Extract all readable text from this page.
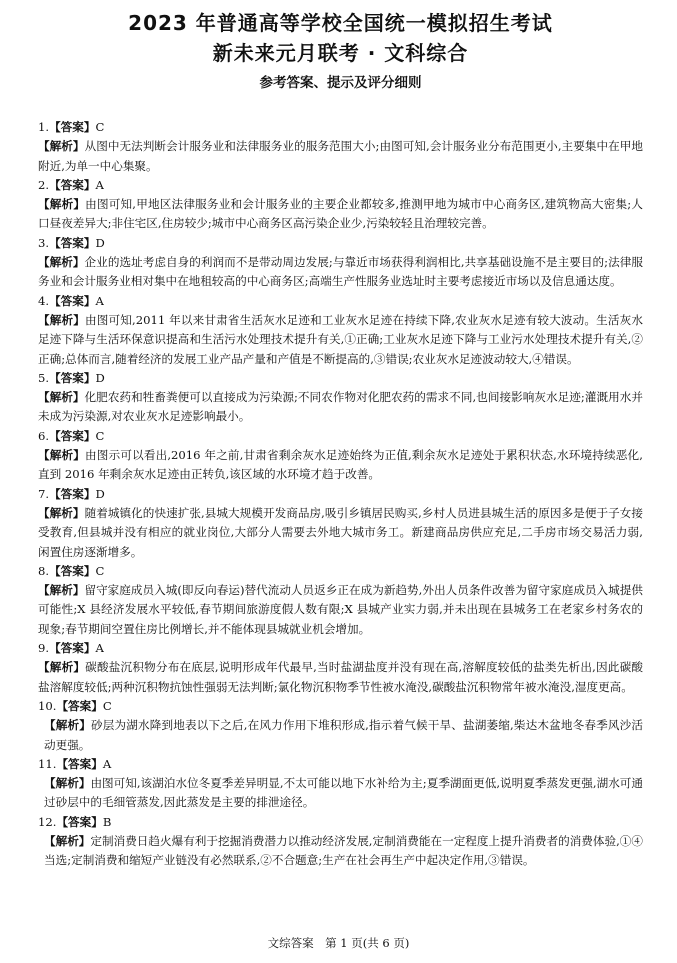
2023 年普通高等学校全国统一模拟招生考试
新未来元月联考 · 文科综合
参考答案、提示及评分细则
1.【答案】C
【解析】从图中无法判断会计服务业和法律服务业的服务范围大小;由图可知,会计服务业分布范围更小,主要集中在甲地附近,为单一中心集聚。
2.【答案】A
【解析】由图可知,甲地区法律服务业和会计服务业的主要企业都较多,推测甲地为城市中心商务区,建筑物高大密集;人口昼夜差异大;非住宅区,住房较少;城市中心商务区高污染企业少,污染较轻且治理较完善。
3.【答案】D
【解析】企业的选址考虑自身的利润而不是带动周边发展;与靠近市场获得利润相比,共享基础设施不是主要目的;法律服务业和会计服务业相对集中在地租较高的中心商务区;高端生产性服务业选址时主要考虑接近市场以及信息通达度。
4.【答案】A
【解析】由图可知,2011 年以来甘肃省生活灰水足迹和工业灰水足迹在持续下降,农业灰水足迹有较大波动。生活灰水足迹下降与生活环保意识提高和生活污水处理技术提升有关,①正确;工业灰水足迹下降与工业污水处理技术提升有关,②正确;总体而言,随着经济的发展工业产品产量和产值是不断提高的,③错误;农业灰水足迹波动较大,④错误。
5.【答案】D
【解析】化肥农药和牲畜粪便可以直接成为污染源;不同农作物对化肥农药的需求不同,也间接影响灰水足迹;灌溉用水并未成为污染源,对农业灰水足迹影响最小。
6.【答案】C
【解析】由图示可以看出,2016 年之前,甘肃省剩余灰水足迹始终为正值,剩余灰水足迹处于累积状态,水环境持续恶化,直到 2016 年剩余灰水足迹由正转负,该区域的水环境才趋于改善。
7.【答案】D
【解析】随着城镇化的快速扩张,县城大规模开发商品房,吸引乡镇居民购买,乡村人员进县城生活的原因多是便于子女接受教育,但县城并没有相应的就业岗位,大部分人需要去外地大城市务工。新建商品房供应充足,二手房市场交易活力弱,闲置住房逐渐增多。
8.【答案】C
【解析】留守家庭成员入城(即反向春运)替代流动人员返乡正在成为新趋势,外出人员条件改善为留守家庭成员入城提供可能性;X 县经济发展水平较低,春节期间旅游度假人数有限;X 县城产业实力弱,并未出现在县城务工在老家乡村务农的现象;春节期间空置住房比例增长,并不能体现县城就业机会增加。
9.【答案】A
【解析】碳酸盐沉积物分布在底层,说明形成年代最早,当时盐湖盐度并没有现在高,溶解度较低的盐类先析出,因此碳酸盐溶解度较低;两种沉积物抗蚀性强弱无法判断;氯化物沉积物季节性被水淹没,碳酸盐沉积物常年被水淹没,湿度更高。
10.【答案】C
【解析】砂层为湖水降到地表以下之后,在风力作用下堆积形成,指示着气候干旱、盐湖萎缩,柴达木盆地冬春季风沙活动更强。
11.【答案】A
【解析】由图可知,该湖泊水位冬夏季差异明显,不太可能以地下水补给为主;夏季湖面更低,说明夏季蒸发更强,湖水可通过砂层中的毛细管蒸发,因此蒸发是主要的排泄途径。
12.【答案】B
【解析】定制消费日趋火爆有利于挖掘消费潜力以推动经济发展,定制消费能在一定程度上提升消费者的消费体验,①④当选;定制消费和缩短产业链没有必然联系,②不合题意;生产在社会再生产中起决定作用,③错误。
文综答案　第 1 页(共 6 页)
